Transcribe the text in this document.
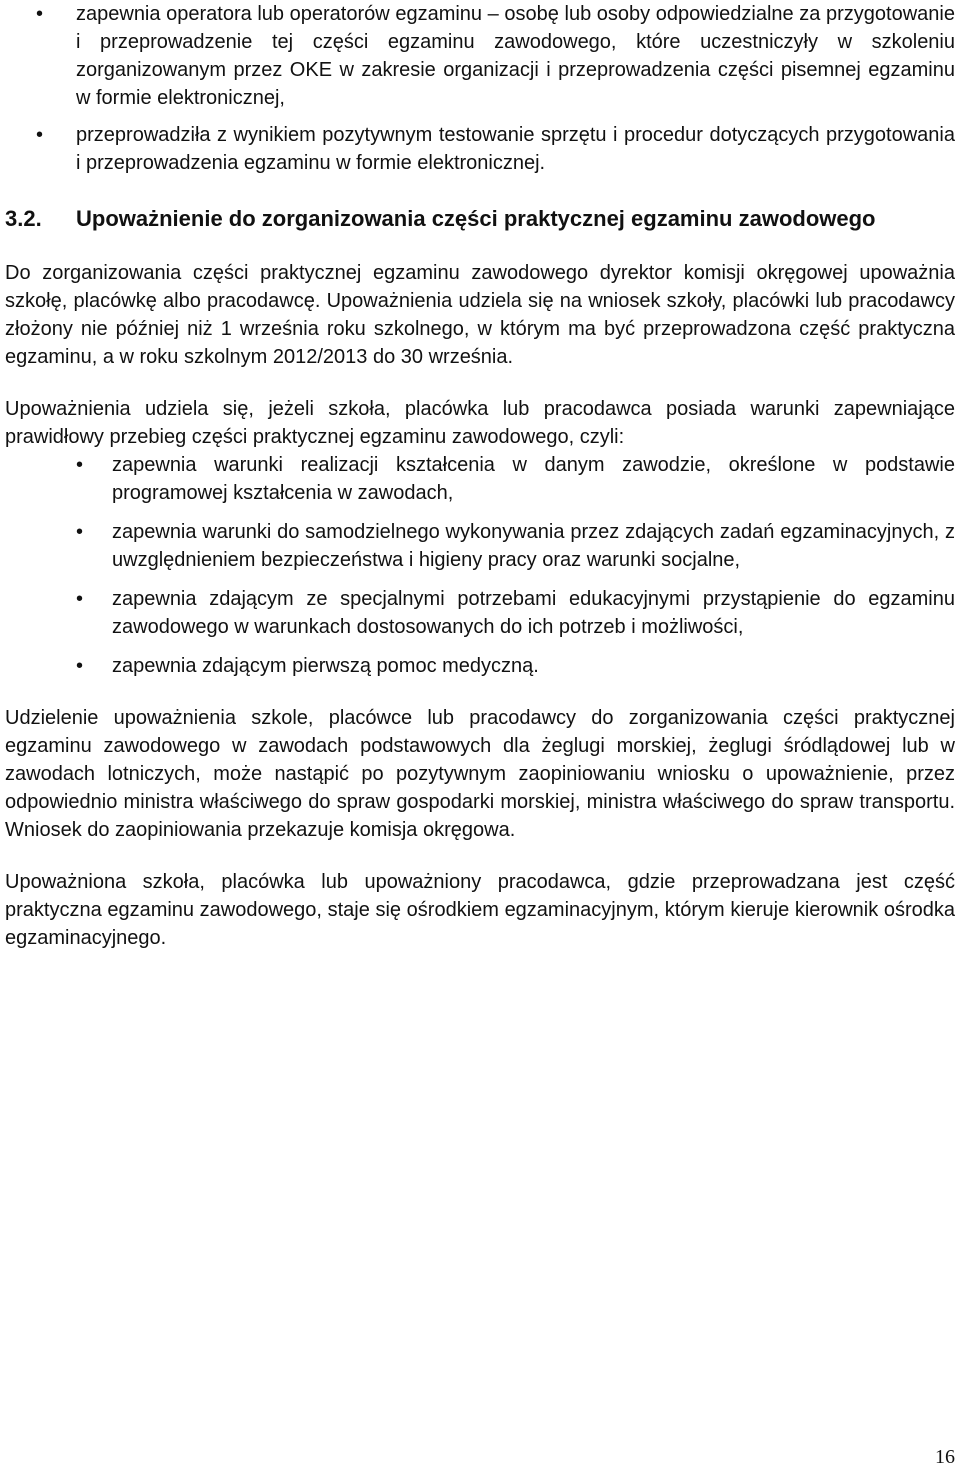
• zapewnia operatora lub operatorów egzaminu – osobę lub osoby odpowiedzialne za przygotowanie i przeprowadzenie tej części egzaminu zawodowego, które uczestniczyły w szkoleniu zorganizowanym przez OKE w zakresie organizacji i przeprowadzenia części pisemnej egzaminu w formie elektronicznej,
• przeprowadziła z wynikiem pozytywnym testowanie sprzętu i procedur dotyczących przygotowania i przeprowadzenia egzaminu w formie elektronicznej.
3.2. Upoważnienie do zorganizowania części praktycznej egzaminu zawodowego

Do zorganizowania części praktycznej egzaminu zawodowego dyrektor komisji okręgowej upoważnia szkołę, placówkę albo pracodawcę. Upoważnienia udziela się na wniosek szkoły, placówki lub pracodawcy złożony nie później niż 1 września roku szkolnego, w którym ma być przeprowadzona część praktyczna egzaminu, a w roku szkolnym 2012/2013 do 30 września.

Upoważnienia udziela się, jeżeli szkoła, placówka lub pracodawca posiada warunki zapewniające prawidłowy przebieg części praktycznej egzaminu zawodowego, czyli:

• zapewnia warunki realizacji kształcenia w danym zawodzie, określone w podstawie programowej kształcenia w zawodach,
• zapewnia warunki do samodzielnego wykonywania przez zdających zadań egzaminacyjnych, z uwzględnieniem bezpieczeństwa i higieny pracy oraz warunki socjalne,
• zapewnia zdającym ze specjalnymi potrzebami edukacyjnymi przystąpienie do egzaminu zawodowego w warunkach dostosowanych do ich potrzeb i możliwości,
• zapewnia zdającym pierwszą pomoc medyczną.

Udzielenie upoważnienia szkole, placówce lub pracodawcy do zorganizowania części praktycznej egzaminu zawodowego w zawodach podstawowych dla żeglugi morskiej, żeglugi śródlądowej lub w zawodach lotniczych, może nastąpić po pozytywnym zaopiniowaniu wniosku o upoważnienie, przez odpowiednio ministra właściwego do spraw gospodarki morskiej, ministra właściwego do spraw transportu. Wniosek do zaopiniowania przekazuje komisja okręgowa.

Upoważniona szkoła, placówka lub upoważniony pracodawca, gdzie przeprowadzana jest część praktyczna egzaminu zawodowego, staje się ośrodkiem egzaminacyjnym, którym kieruje kierownik ośrodka egzaminacyjnego.

16
